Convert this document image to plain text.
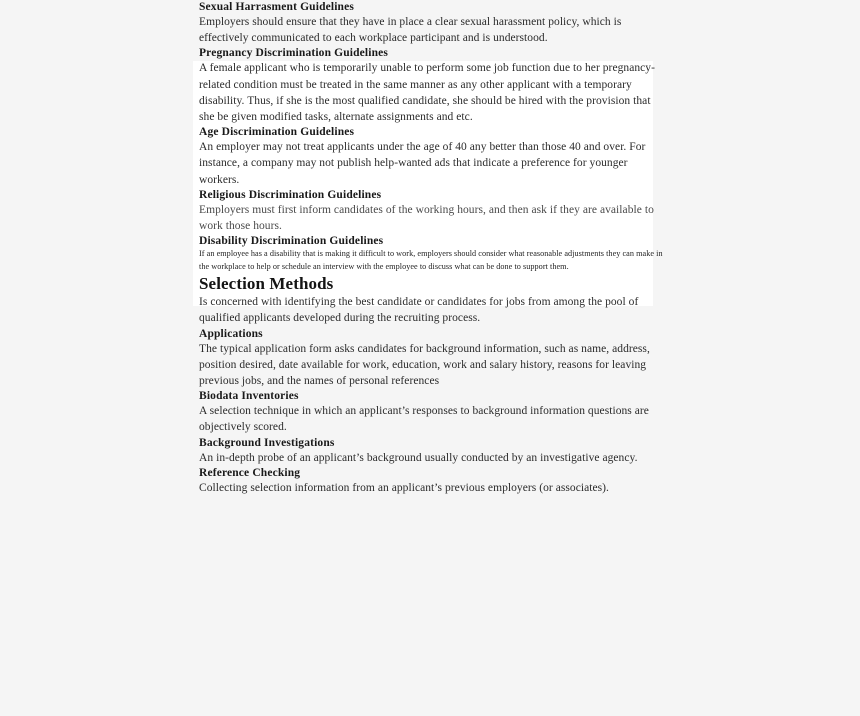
Sexual Harrasment Guidelines

Employers should ensure that they have in place a clear sexual harassment policy, which is effectively communicated to each workplace participant and is understood.

Pregnancy Discrimination Guidelines

A female applicant who is temporarily unable to perform some job function due to her pregnancy-related condition must be treated in the same manner as any other applicant with a temporary disability. Thus, if she is the most qualified candidate, she should be hired with the provision that she be given modified tasks, alternate assignments and etc.

Age Discrimination Guidelines

An employer may not treat applicants under the age of 40 any better than those 40 and over. For instance, a company may not publish help-wanted ads that indicate a preference for younger workers.

Religious Discrimination Guidelines

Employers must first inform candidates of the working hours, and then ask if they are available to work those hours.

Disability Discrimination Guidelines

If an employee has a disability that is making it difficult to work, employers should consider what reasonable adjustments they can make in the workplace to help or schedule an interview with the employee to discuss what can be done to support them.

Selection Methods

Is concerned with identifying the best candidate or candidates for jobs from among the pool of qualified applicants developed during the recruiting process.

Applications

The typical application form asks candidates for background information, such as name, address, position desired, date available for work, education, work and salary history, reasons for leaving previous jobs, and the names of personal references

Biodata Inventories

A selection technique in which an applicant’s responses to background information questions are objectively scored.

Background Investigations

An in-depth probe of an applicant’s background usually conducted by an investigative agency.

Reference Checking

Collecting selection information from an applicant’s previous employers (or associates).
